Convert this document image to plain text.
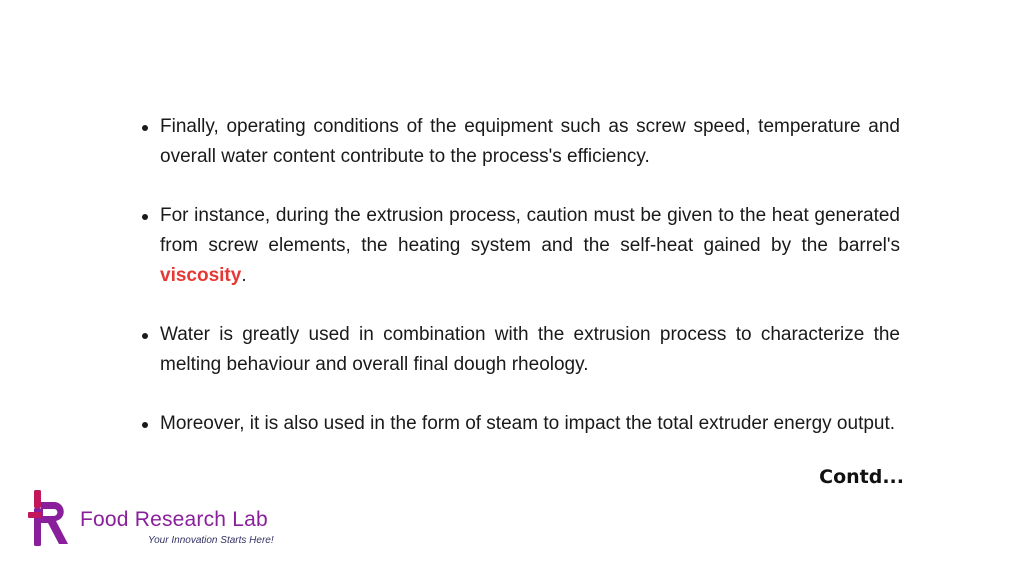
Finally, operating conditions of the equipment such as screw speed, temperature and overall water content contribute to the process's efficiency.
For instance, during the extrusion process, caution must be given to the heat generated from screw elements, the heating system and the self-heat gained by the barrel's viscosity.
Water is greatly used in combination with the extrusion process to characterize the melting behaviour and overall final dough rheology.
Moreover, it is also used in the form of steam to impact the total extruder energy output.
Contd...
Food Research Lab
Your Innovation Starts Here!
